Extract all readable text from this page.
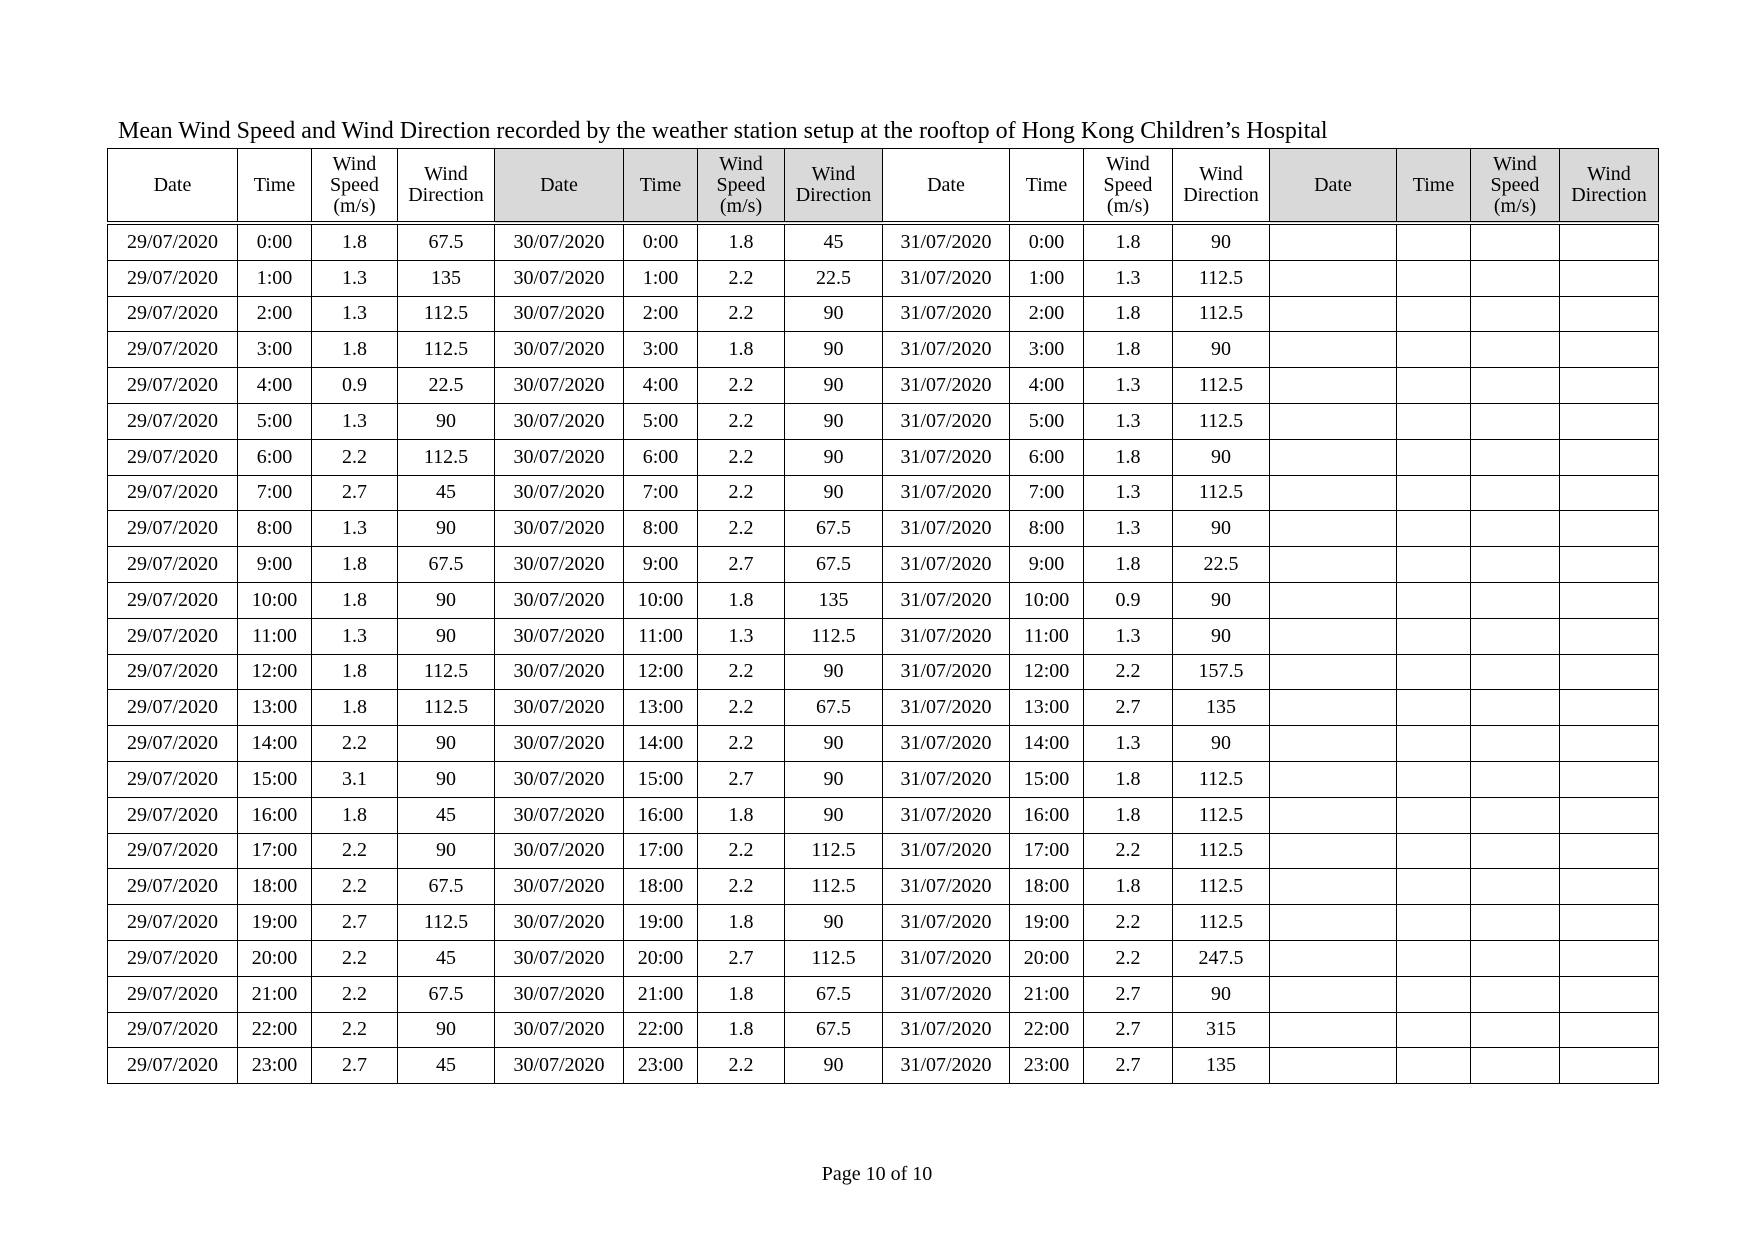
Mean Wind Speed and Wind Direction recorded by the weather station setup at the rooftop of Hong Kong Children’s Hospital
Date	Time	Wind Speed (m/s)	Wind Direction	Date	Time	Wind Speed (m/s)	Wind Direction	Date	Time	Wind Speed (m/s)	Wind Direction	Date	Time	Wind Speed (m/s)	Wind Direction
29/07/2020	0:00	1.8	67.5	30/07/2020	0:00	1.8	45	31/07/2020	0:00	1.8	90				
29/07/2020	1:00	1.3	135	30/07/2020	1:00	2.2	22.5	31/07/2020	1:00	1.3	112.5				
29/07/2020	2:00	1.3	112.5	30/07/2020	2:00	2.2	90	31/07/2020	2:00	1.8	112.5				
29/07/2020	3:00	1.8	112.5	30/07/2020	3:00	1.8	90	31/07/2020	3:00	1.8	90				
29/07/2020	4:00	0.9	22.5	30/07/2020	4:00	2.2	90	31/07/2020	4:00	1.3	112.5				
29/07/2020	5:00	1.3	90	30/07/2020	5:00	2.2	90	31/07/2020	5:00	1.3	112.5				
29/07/2020	6:00	2.2	112.5	30/07/2020	6:00	2.2	90	31/07/2020	6:00	1.8	90				
29/07/2020	7:00	2.7	45	30/07/2020	7:00	2.2	90	31/07/2020	7:00	1.3	112.5				
29/07/2020	8:00	1.3	90	30/07/2020	8:00	2.2	67.5	31/07/2020	8:00	1.3	90				
29/07/2020	9:00	1.8	67.5	30/07/2020	9:00	2.7	67.5	31/07/2020	9:00	1.8	22.5				
29/07/2020	10:00	1.8	90	30/07/2020	10:00	1.8	135	31/07/2020	10:00	0.9	90				
29/07/2020	11:00	1.3	90	30/07/2020	11:00	1.3	112.5	31/07/2020	11:00	1.3	90				
29/07/2020	12:00	1.8	112.5	30/07/2020	12:00	2.2	90	31/07/2020	12:00	2.2	157.5				
29/07/2020	13:00	1.8	112.5	30/07/2020	13:00	2.2	67.5	31/07/2020	13:00	2.7	135				
29/07/2020	14:00	2.2	90	30/07/2020	14:00	2.2	90	31/07/2020	14:00	1.3	90				
29/07/2020	15:00	3.1	90	30/07/2020	15:00	2.7	90	31/07/2020	15:00	1.8	112.5				
29/07/2020	16:00	1.8	45	30/07/2020	16:00	1.8	90	31/07/2020	16:00	1.8	112.5				
29/07/2020	17:00	2.2	90	30/07/2020	17:00	2.2	112.5	31/07/2020	17:00	2.2	112.5				
29/07/2020	18:00	2.2	67.5	30/07/2020	18:00	2.2	112.5	31/07/2020	18:00	1.8	112.5				
29/07/2020	19:00	2.7	112.5	30/07/2020	19:00	1.8	90	31/07/2020	19:00	2.2	112.5				
29/07/2020	20:00	2.2	45	30/07/2020	20:00	2.7	112.5	31/07/2020	20:00	2.2	247.5				
29/07/2020	21:00	2.2	67.5	30/07/2020	21:00	1.8	67.5	31/07/2020	21:00	2.7	90				
29/07/2020	22:00	2.2	90	30/07/2020	22:00	1.8	67.5	31/07/2020	22:00	2.7	315				
29/07/2020	23:00	2.7	45	30/07/2020	23:00	2.2	90	31/07/2020	23:00	2.7	135				
Page 10 of 10
